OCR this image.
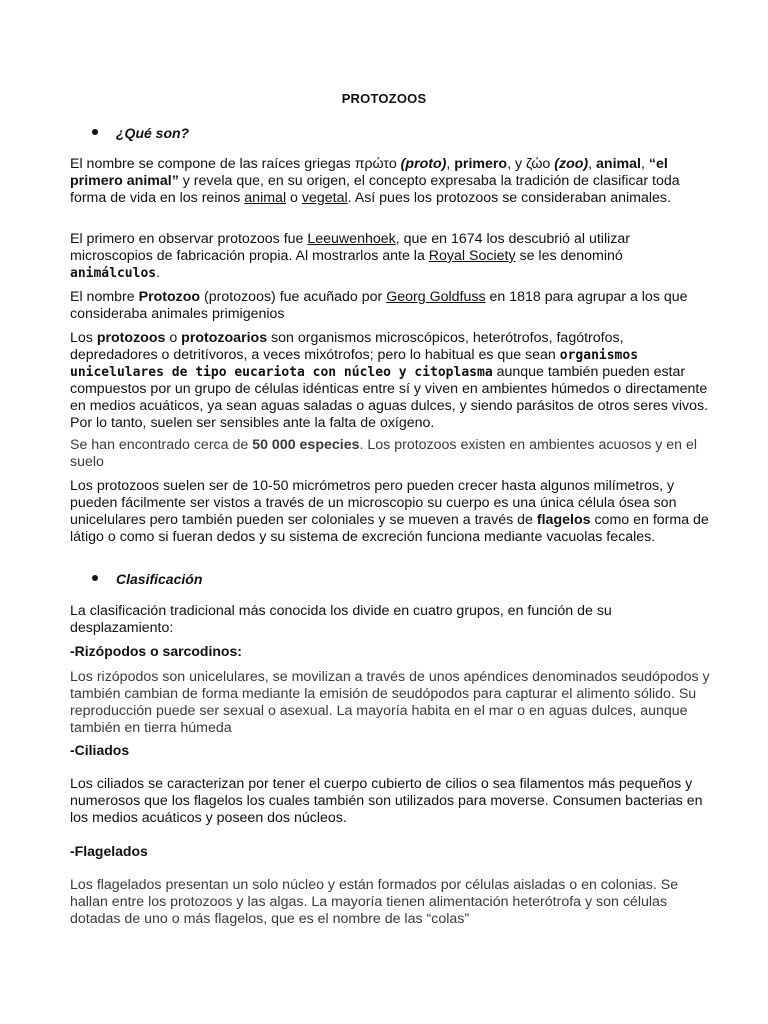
PROTOZOOS
¿Qué son?

El nombre se compone de las raíces griegas πρώτο (proto), primero, y ζώο (zoo), animal, “el primero animal” y revela que, en su origen, el concepto expresaba la tradición de clasificar toda forma de vida en los reinos animal o vegetal. Así pues los protozoos se consideraban animales.

El primero en observar protozoos fue Leeuwenhoek, que en 1674 los descubrió al utilizar microscopios de fabricación propia. Al mostrarlos ante la Royal Society se les denominó animálculos.

El nombre Protozoo (protozoos) fue acuñado por Georg Goldfuss en 1818 para agrupar a los que consideraba animales primigenios

Los protozoos o protozoarios son organismos microscópicos, heterótrofos, fagótrofos, depredadores o detritívoros, a veces mixótrofos; pero lo habitual es que sean organismos unicelulares de tipo eucariota con núcleo y citoplasma aunque también pueden estar compuestos por un grupo de células idénticas entre sí y viven en ambientes húmedos o directamente en medios acuáticos, ya sean aguas saladas o aguas dulces, y siendo parásitos de otros seres vivos. Por lo tanto, suelen ser sensibles ante la falta de oxígeno.

Se han encontrado cerca de 50 000 especies. Los protozoos existen en ambientes acuosos y en el suelo

Los protozoos suelen ser de 10-50 micrómetros pero pueden crecer hasta algunos milímetros, y pueden fácilmente ser vistos a través de un microscopio su cuerpo es una única célula ósea son unicelulares pero también pueden ser coloniales y se mueven a través de flagelos como en forma de látigo o como si fueran dedos y su sistema de excreción funciona mediante vacuolas fecales.

Clasificación

La clasificación tradicional más conocida los divide en cuatro grupos, en función de su desplazamiento:

-Rizópodos o sarcodinos:

Los rizópodos son unicelulares, se movilizan a través de unos apéndices denominados seudópodos y también cambian de forma mediante la emisión de seudópodos para capturar el alimento sólido. Su reproducción puede ser sexual o asexual. La mayoría habita en el mar o en aguas dulces, aunque también en tierra húmeda

-Ciliados

Los ciliados se caracterizan por tener el cuerpo cubierto de cilios o sea filamentos más pequeños y numerosos que los flagelos los cuales también son utilizados para moverse. Consumen bacterias en los medios acuáticos y poseen dos núcleos.

-Flagelados

Los flagelados presentan un solo núcleo y están formados por células aisladas o en colonias. Se hallan entre los protozoos y las algas. La mayoría tienen alimentación heterótrofa y son células dotadas de uno o más flagelos, que es el nombre de las “colas”
